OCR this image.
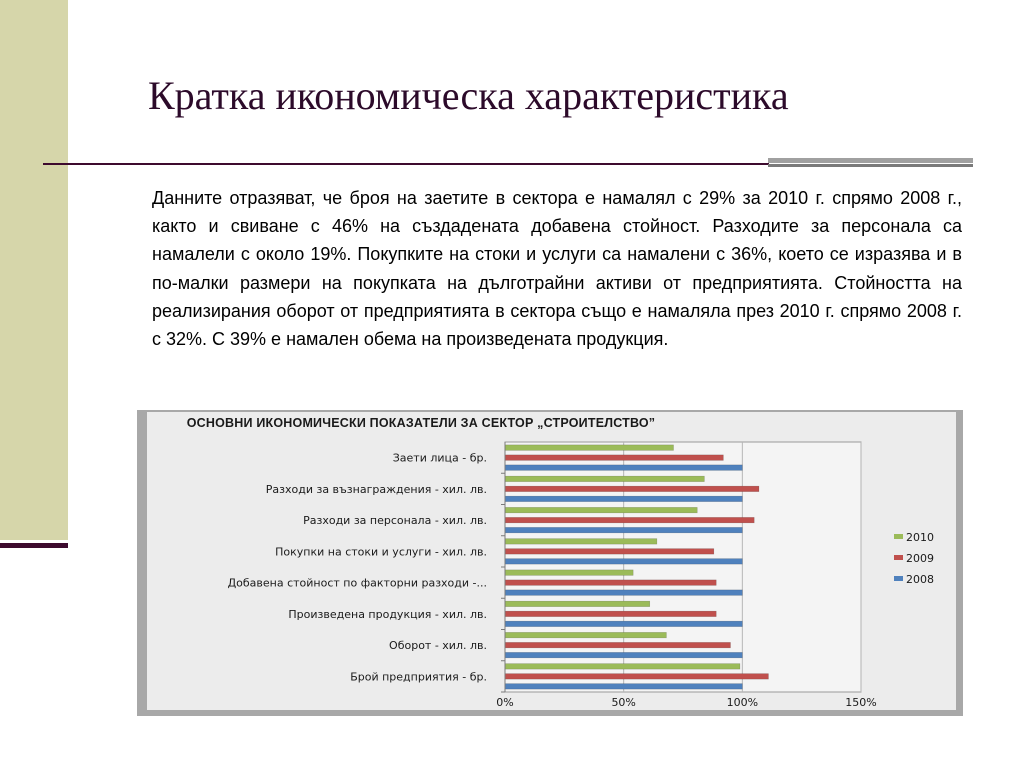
Кратка икономическа характеристика

Данните отразяват, че броя на заетите в сектора е намалял с 29% за 2010 г. спрямо 2008 г., както и свиване с 46% на създадената добавена стойност. Разходите за персонала са намалели с около 19%. Покупките на стоки и услуги са намалени с 36%, което се изразява и в по-малки размери на покупката на дълготрайни активи от предприятията. Стойността на реализирания оборот от предприятията в сектора също е намаляла през 2010 г. спрямо 2008 г. с 32%. С 39% е намален обема на произведената продукция.

ОСНОВНИ ИКОНОМИЧЕСКИ ПОКАЗАТЕЛИ ЗА СЕКТОР „СТРОИТЕЛСТВО”
Заети лица - бр.
Разходи за възнаграждения - хил. лв.
Разходи за персонала - хил. лв.
Покупки на стоки и услуги - хил. лв.
Добавена стойност по факторни разходи -...
Произведена продукция - хил. лв.
Оборот - хил. лв.
Брой предприятия - бр.
0%	50%	100%	150%
2010
2009
2008
